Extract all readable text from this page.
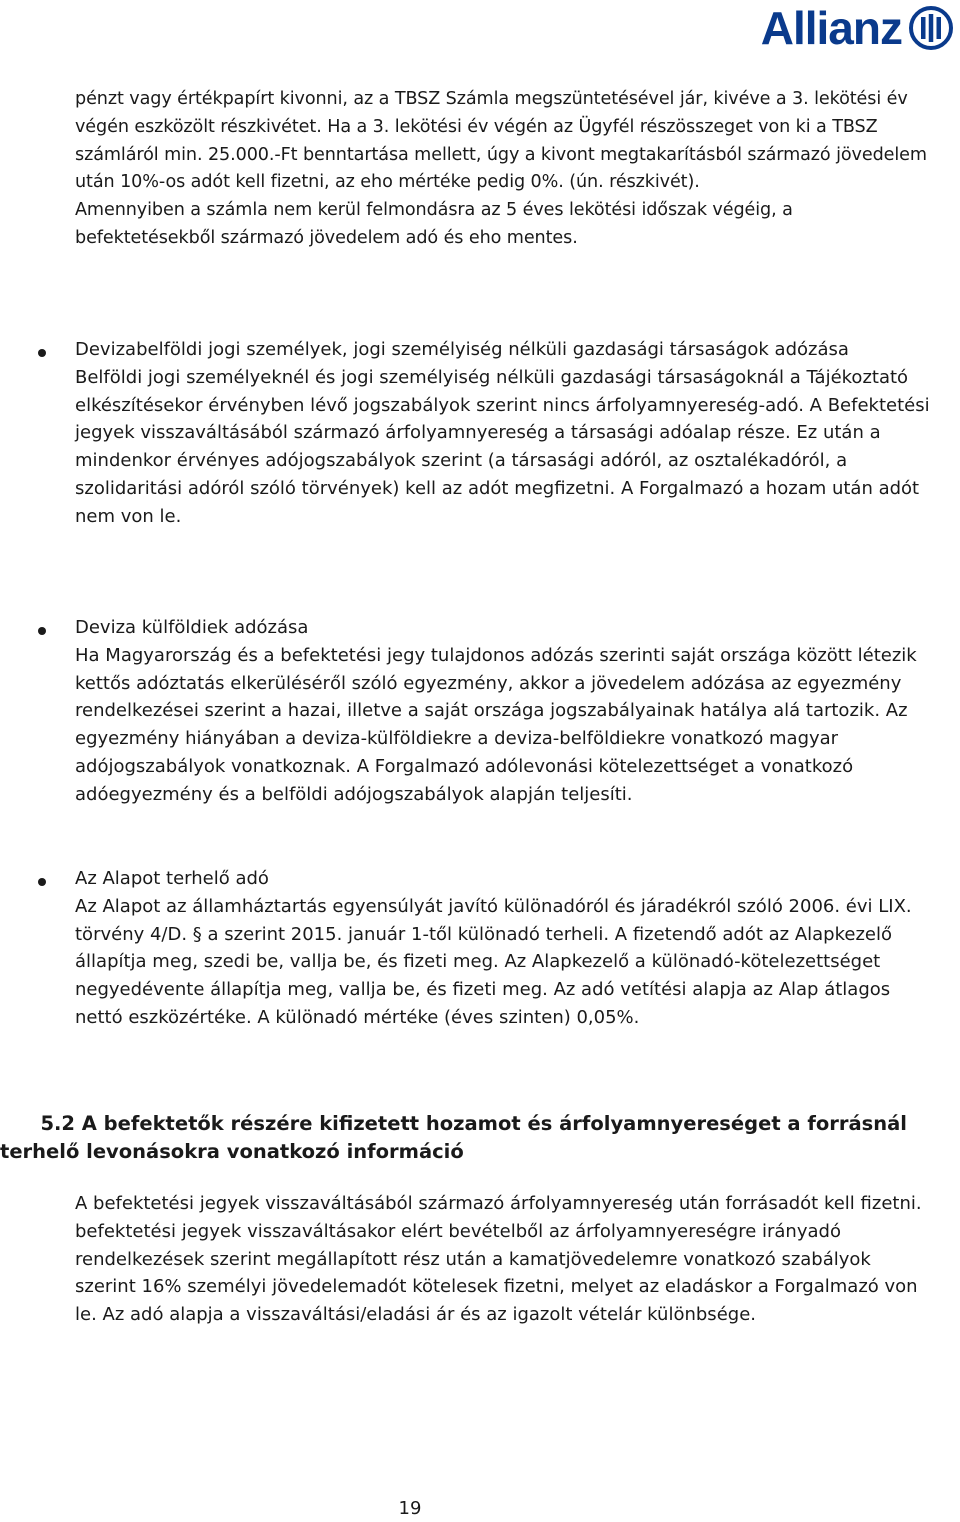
Allianz

pénzt vagy értékpapírt kivonni, az a TBSZ Számla megszüntetésével jár, kivéve a 3. lekötési év végén eszközölt részkivétet. Ha a 3. lekötési év végén az Ügyfél részösszeget von ki a TBSZ számláról min. 25.000.-Ft benntartása mellett, úgy a kivont megtakarításból származó jövedelem után 10%-os adót kell fizetni, az eho mértéke pedig 0%. (ún. részkivét).
Amennyiben a számla nem kerül felmondásra az 5 éves lekötési időszak végéig, a befektetésekből származó jövedelem adó és eho mentes.

Devizabelföldi jogi személyek, jogi személyiség nélküli gazdasági társaságok adózása
Belföldi jogi személyeknél és jogi személyiség nélküli gazdasági társaságoknál a Tájékoztató elkészítésekor érvényben lévő jogszabályok szerint nincs árfolyamnyereség-adó. A Befektetési jegyek visszaváltásából származó árfolyamnyereség a társasági adóalap része. Ez után a mindenkor érvényes adójogszabályok szerint (a társasági adóról, az osztalékadóról, a szolidaritási adóról szóló törvények) kell az adót megfizetni. A Forgalmazó a hozam után adót nem von le.
Deviza külföldiek adózása
Ha Magyarország és a befektetési jegy tulajdonos adózás szerinti saját országa között létezik kettős adóztatás elkerüléséről szóló egyezmény, akkor a jövedelem adózása az egyezmény rendelkezései szerint a hazai, illetve a saját országa jogszabályainak hatálya alá tartozik. Az egyezmény hiányában a deviza-külföldiekre a deviza-belföldiekre vonatkozó magyar adójogszabályok vonatkoznak. A Forgalmazó adólevonási kötelezettséget a vonatkozó adóegyezmény és a belföldi adójogszabályok alapján teljesíti.
Az Alapot terhelő adó
Az Alapot az államháztartás egyensúlyát javító különadóról és járadékról szóló 2006. évi LIX. törvény 4/D. § a szerint 2015. január 1-től különadó terheli. A fizetendő adót az Alapkezelő állapítja meg, szedi be, vallja be, és fizeti meg. Az Alapkezelő a különadó-kötelezettséget negyedévente állapítja meg, vallja be, és fizeti meg. Az adó vetítési alapja az Alap átlagos nettó eszközértéke. A különadó mértéke (éves szinten) 0,05%.
5.2 A befektetők részére kifizetett hozamot és árfolyamnyereséget a forrásnál terhelő levonásokra vonatkozó információ

A befektetési jegyek visszaváltásából származó árfolyamnyereség után forrásadót kell fizetni. befektetési jegyek visszaváltásakor elért bevételből az árfolyamnyereségre irányadó rendelkezések szerint megállapított rész után a kamatjövedelemre vonatkozó szabályok szerint 16% személyi jövedelemadót kötelesek fizetni, melyet az eladáskor a Forgalmazó von le. Az adó alapja a visszaváltási/eladási ár és az igazolt vételár különbsége.

19
